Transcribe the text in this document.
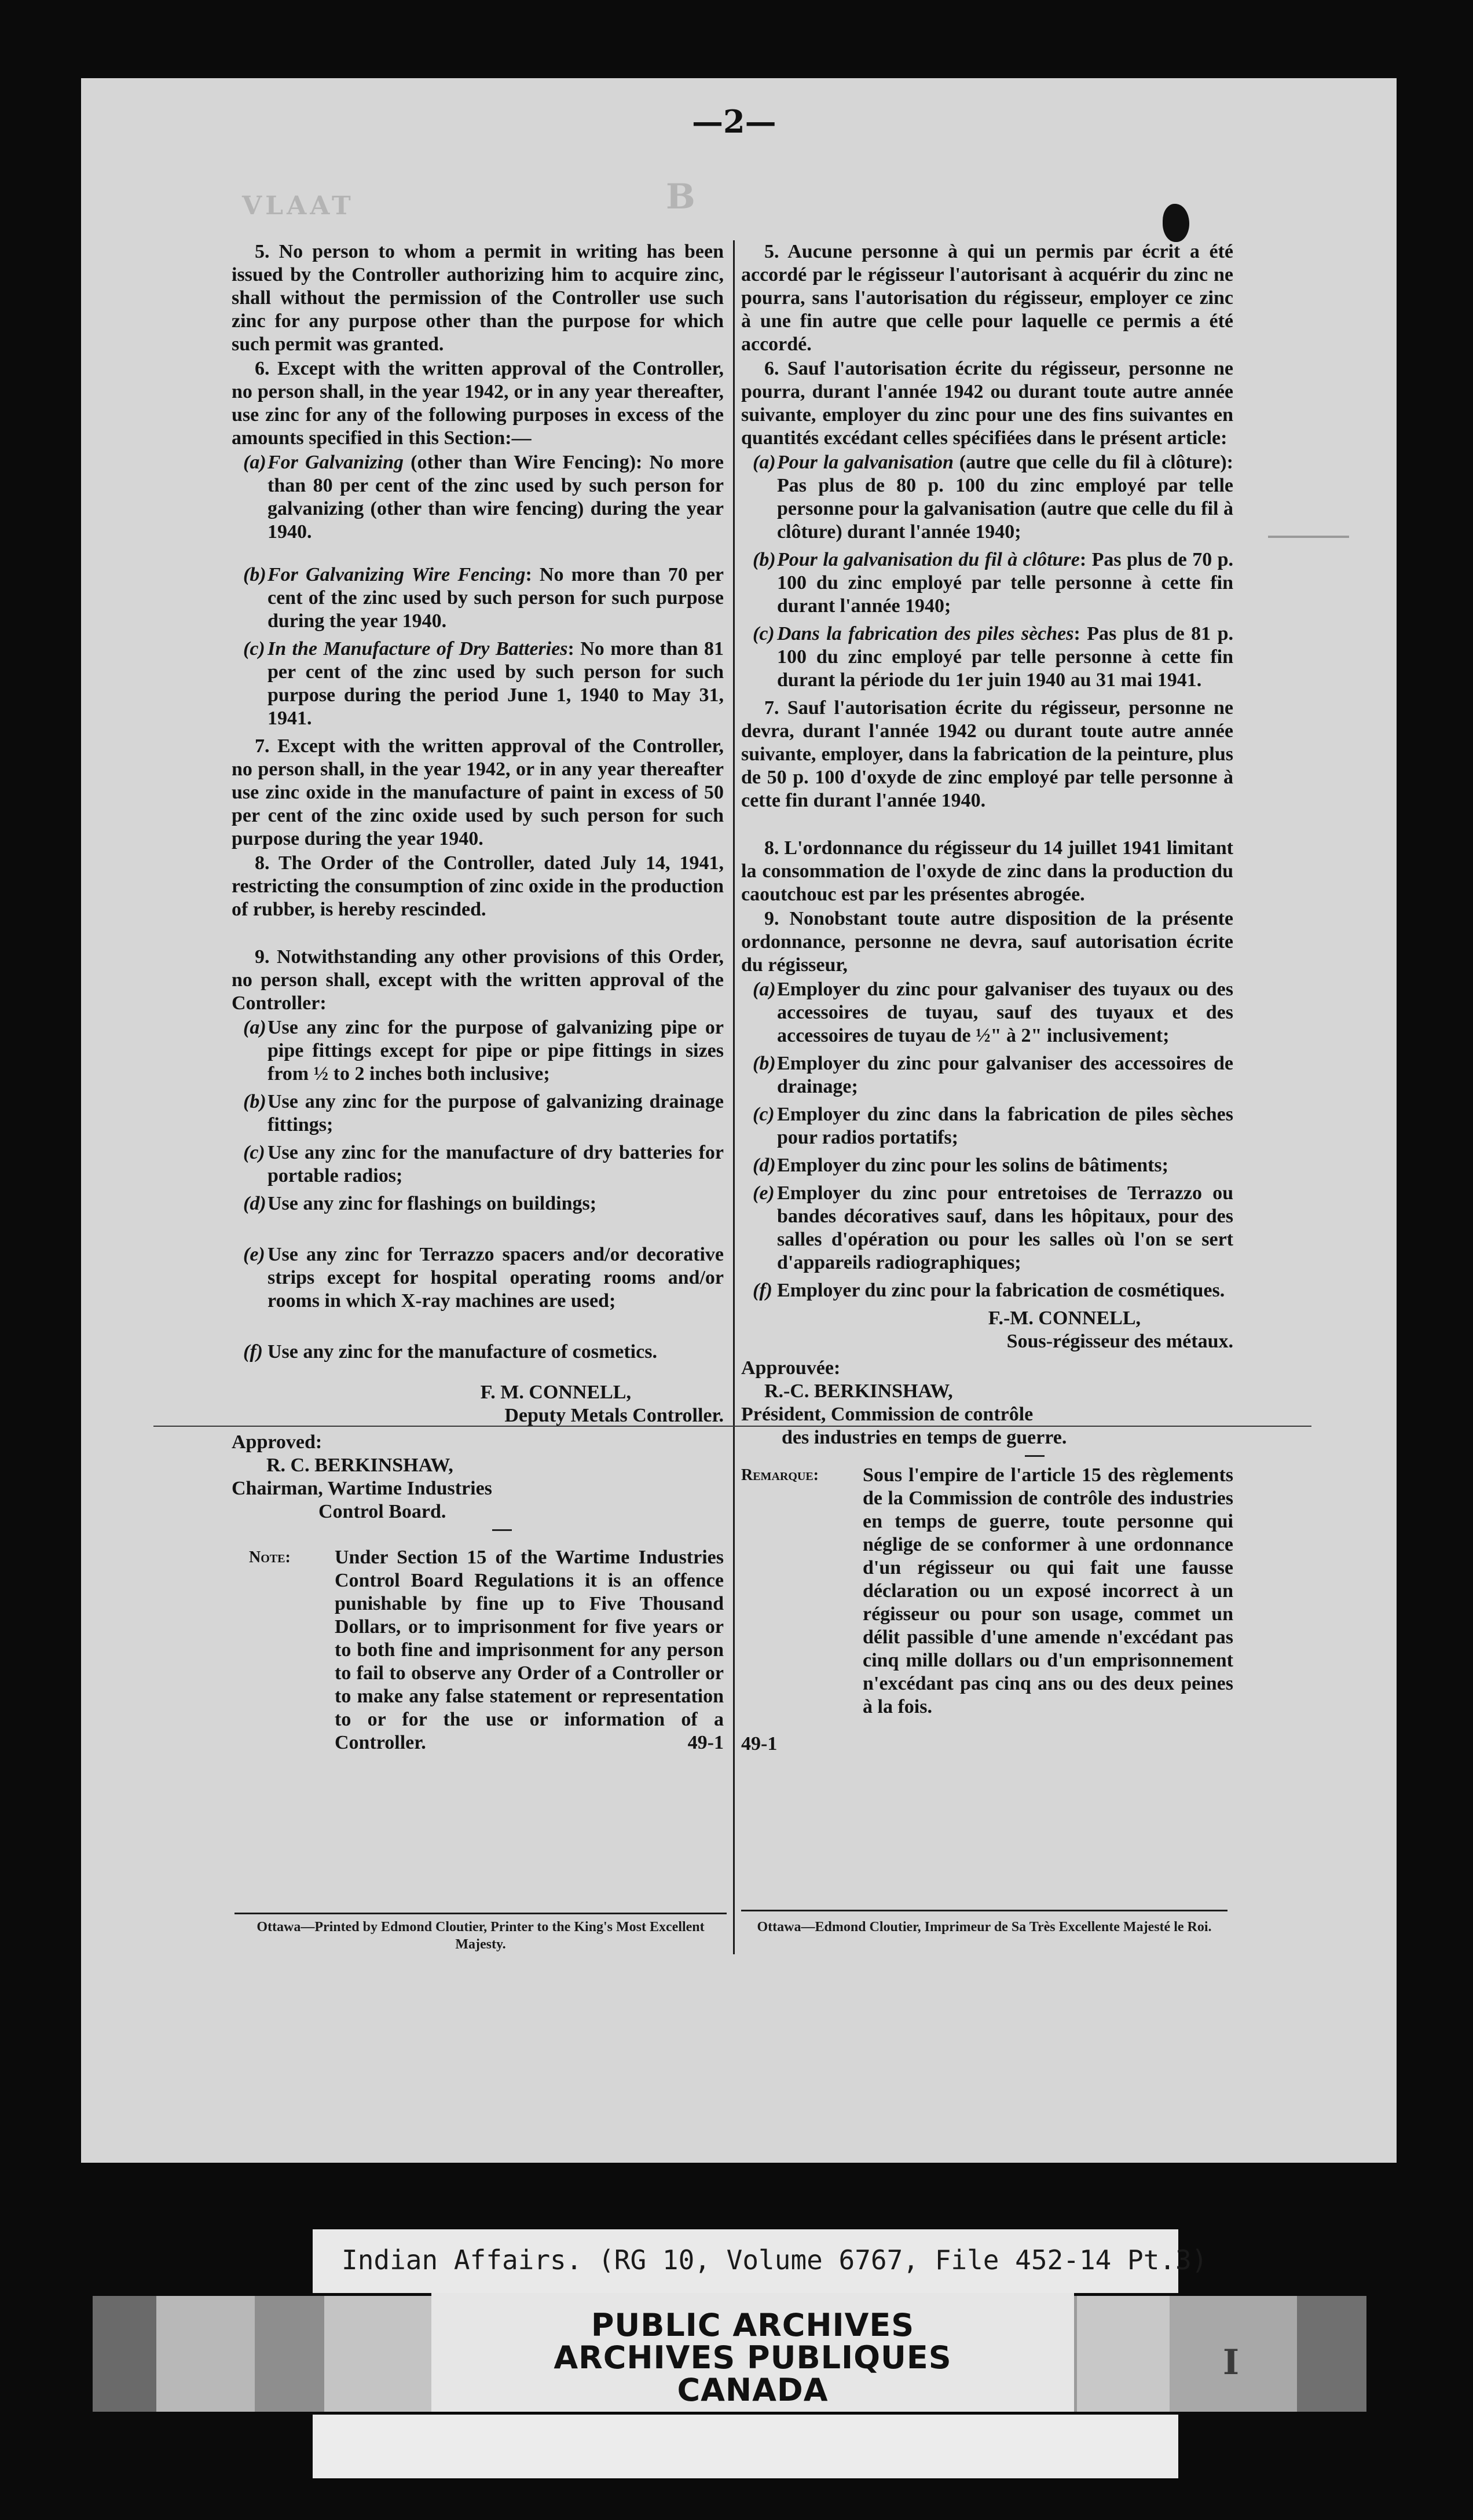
VLAAT	B
—2—

5. No person to whom a permit in writing has been issued by the Controller authorizing him to acquire zinc, shall without the permission of the Controller use such zinc for any purpose other than the purpose for which such permit was granted.

6. Except with the written approval of the Controller, no person shall, in the year 1942, or in any year thereafter, use zinc for any of the following purposes in excess of the amounts specified in this Section:—

(a) For Galvanizing (other than Wire Fencing): No more than 80 per cent of the zinc used by such person for galvanizing (other than wire fencing) during the year 1940.
(b) For Galvanizing Wire Fencing: No more than 70 per cent of the zinc used by such person for such purpose during the year 1940.
(c) In the Manufacture of Dry Batteries: No more than 81 per cent of the zinc used by such person for such purpose during the period June 1, 1940 to May 31, 1941.

7. Except with the written approval of the Controller, no person shall, in the year 1942, or in any year thereafter use zinc oxide in the manufacture of paint in excess of 50 per cent of the zinc oxide used by such person for such purpose during the year 1940.

8. The Order of the Controller, dated July 14, 1941, restricting the consumption of zinc oxide in the production of rubber, is hereby rescinded.

9. Notwithstanding any other provisions of this Order, no person shall, except with the written approval of the Controller:

(a) Use any zinc for the purpose of galvanizing pipe or pipe fittings except for pipe or pipe fittings in sizes from ½ to 2 inches both inclusive;
(b) Use any zinc for the purpose of galvanizing drainage fittings;
(c) Use any zinc for the manufacture of dry batteries for portable radios;
(d) Use any zinc for flashings on buildings;
(e) Use any zinc for Terrazzo spacers and/or decorative strips except for hospital operating rooms and/or rooms in which X-ray machines are used;
(f) Use any zinc for the manufacture of cosmetics.
F. M. CONNELL,
Deputy Metals Controller.
Approved:
R. C. BERKINSHAW,
Chairman, Wartime Industries
Control Board.
Note:	Under Section 15 of the Wartime Industries Control Board Regulations it is an offence punishable by fine up to Five Thousand Dollars, or to imprisonment for five years or to both fine and imprisonment for any person to fail to observe any Order of a Controller or to make any false statement or representation to or for the use or information of a Controller.	49-1

5. Aucune personne à qui un permis par écrit a été accordé par le régisseur l'autorisant à acquérir du zinc ne pourra, sans l'autorisation du régisseur, employer ce zinc à une fin autre que celle pour laquelle ce permis a été accordé.

6. Sauf l'autorisation écrite du régisseur, personne ne pourra, durant l'année 1942 ou durant toute autre année suivante, employer du zinc pour une des fins suivantes en quantités excédant celles spécifiées dans le présent article:

(a) Pour la galvanisation (autre que celle du fil à clôture): Pas plus de 80 p. 100 du zinc employé par telle personne pour la galvanisation (autre que celle du fil à clôture) durant l'année 1940;
(b) Pour la galvanisation du fil à clôture: Pas plus de 70 p. 100 du zinc employé par telle personne à cette fin durant l'année 1940;
(c) Dans la fabrication des piles sèches: Pas plus de 81 p. 100 du zinc employé par telle personne à cette fin durant la période du 1er juin 1940 au 31 mai 1941.

7. Sauf l'autorisation écrite du régisseur, personne ne devra, durant l'année 1942 ou durant toute autre année suivante, employer, dans la fabrication de la peinture, plus de 50 p. 100 d'oxyde de zinc employé par telle personne à cette fin durant l'année 1940.

8. L'ordonnance du régisseur du 14 juillet 1941 limitant la consommation de l'oxyde de zinc dans la production du caoutchouc est par les présentes abrogée.

9. Nonobstant toute autre disposition de la présente ordonnance, personne ne devra, sauf autorisation écrite du régisseur,

(a) Employer du zinc pour galvaniser des tuyaux ou des accessoires de tuyau, sauf des tuyaux et des accessoires de tuyau de ½" à 2" inclusivement;
(b) Employer du zinc pour galvaniser des accessoires de drainage;
(c) Employer du zinc dans la fabrication de piles sèches pour radios portatifs;
(d) Employer du zinc pour les solins de bâtiments;
(e) Employer du zinc pour entretoises de Terrazzo ou bandes décoratives sauf, dans les hôpitaux, pour des salles d'opération ou pour les salles où l'on se sert d'appareils radiographiques;
(f) Employer du zinc pour la fabrication de cosmétiques.
F.-M. CONNELL,
Sous-régisseur des métaux.
Approuvée:
R.-C. BERKINSHAW,
Président, Commission de contrôle
des industries en temps de guerre.
Remarque:	Sous l'empire de l'article 15 des règlements de la Commission de contrôle des industries en temps de guerre, toute personne qui néglige de se conformer à une ordonnance d'un régisseur ou qui fait une fausse déclaration ou un exposé incorrect à un régisseur ou pour son usage, commet un délit passible d'une amende n'excédant pas cinq mille dollars ou d'un emprisonnement n'excédant pas cinq ans ou des deux peines à la fois.
49-1
Ottawa—Printed by Edmond Cloutier, Printer to the King's Most Excellent Majesty.
Ottawa—Edmond Cloutier, Imprimeur de Sa Très Excellente Majesté le Roi.
Indian Affairs. (RG 10, Volume 6767, File 452-14 Pt.3)
PUBLIC ARCHIVES
ARCHIVES PUBLIQUES
CANADA
I
